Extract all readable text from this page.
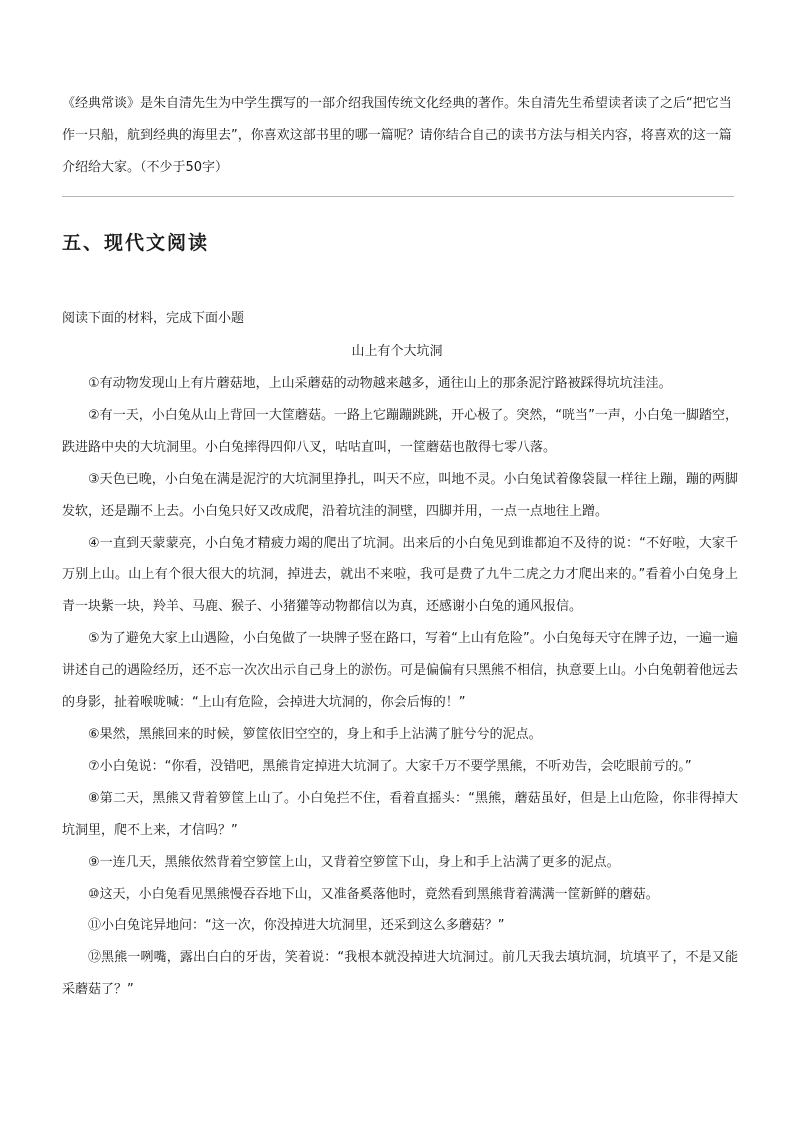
《经典常谈》是朱自清先生为中学生撰写的一部介绍我国传统文化经典的著作。朱自清先生希望读者读了之后“把它当作一只船，航到经典的海里去”，你喜欢这部书里的哪一篇呢？请你结合自己的读书方法与相关内容，将喜欢的这一篇介绍给大家。（不少于50字）

五、现代文阅读

阅读下面的材料，完成下面小题

山上有个大坑洞

①有动物发现山上有片蘑菇地，上山采蘑菇的动物越来越多，通往山上的那条泥泞路被踩得坑坑洼洼。

②有一天，小白兔从山上背回一大筐蘑菇。一路上它蹦蹦跳跳，开心极了。突然，“咣当”一声，小白兔一脚踏空，跌进路中央的大坑洞里。小白兔摔得四仰八叉，咕咕直叫，一筐蘑菇也散得七零八落。

③天色已晚，小白兔在满是泥泞的大坑洞里挣扎，叫天不应，叫地不灵。小白兔试着像袋鼠一样往上蹦，蹦的两脚发软，还是蹦不上去。小白兔只好又改成爬，沿着坑洼的洞壁，四脚并用，一点一点地往上蹭。

④一直到天蒙蒙亮，小白兔才精疲力竭的爬出了坑洞。出来后的小白兔见到谁都迫不及待的说：“不好啦，大家千万别上山。山上有个很大很大的坑洞，掉进去，就出不来啦，我可是费了九牛二虎之力才爬出来的。”看着小白兔身上青一块紫一块，羚羊、马鹿、猴子、小猪獾等动物都信以为真，还感谢小白兔的通风报信。

⑤为了避免大家上山遇险，小白兔做了一块牌子竖在路口，写着“上山有危险”。小白兔每天守在牌子边，一遍一遍讲述自己的遇险经历，还不忘一次次出示自己身上的淤伤。可是偏偏有只黑熊不相信，执意要上山。小白兔朝着他远去的身影，扯着喉咙喊：“上山有危险，会掉进大坑洞的，你会后悔的！”

⑥果然，黑熊回来的时候，箩筐依旧空空的，身上和手上沾满了脏兮兮的泥点。

⑦小白兔说：“你看，没错吧，黑熊肯定掉进大坑洞了。大家千万不要学黑熊，不听劝告，会吃眼前亏的。”

⑧第二天，黑熊又背着箩筐上山了。小白兔拦不住，看着直摇头：“黑熊，蘑菇虽好，但是上山危险，你非得掉大坑洞里，爬不上来，才信吗？”

⑨一连几天，黑熊依然背着空箩筐上山，又背着空箩筐下山，身上和手上沾满了更多的泥点。

⑩这天，小白兔看见黑熊慢吞吞地下山，又准备奚落他时，竟然看到黑熊背着满满一筐新鲜的蘑菇。

⑪小白兔诧异地问：“这一次，你没掉进大坑洞里，还采到这么多蘑菇？”

⑫黑熊一咧嘴，露出白白的牙齿，笑着说：“我根本就没掉进大坑洞过。前几天我去填坑洞，坑填平了，不是又能采蘑菇了？”
